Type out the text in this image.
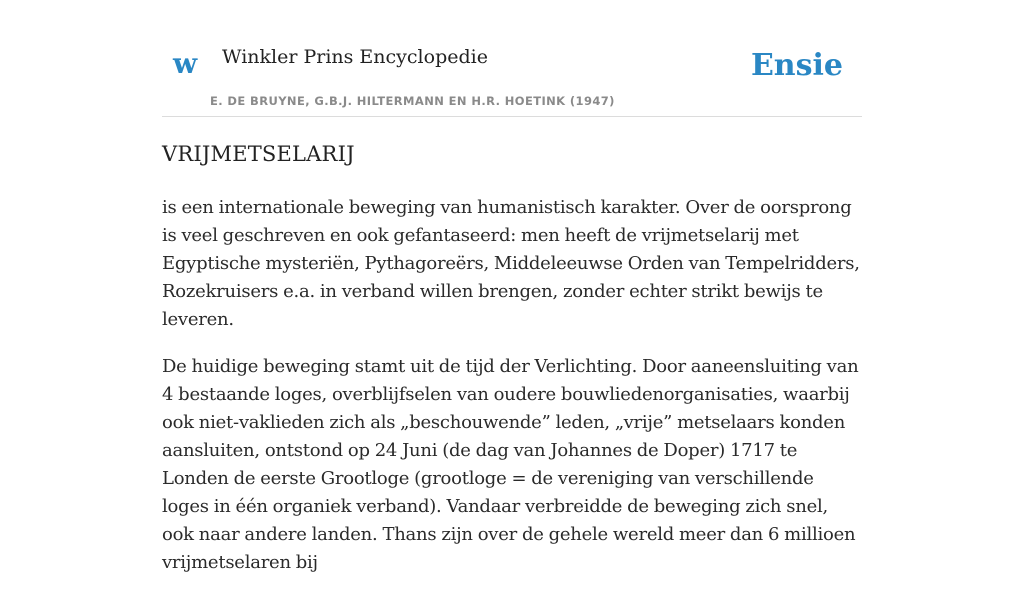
w Winkler Prins Encyclopedie
E. DE BRUYNE, G.B.J. HILTERMANN EN H.R. HOETINK (1947)
Ensie
VRIJMETSELARIJ

is een internationale beweging van humanistisch karakter. Over de oorsprong is veel geschreven en ook gefantaseerd: men heeft de vrijmetselarij met Egyptische mysteriën, Pythagoreërs, Middeleeuwse Orden van Tempelridders, Rozekruisers e.a. in verband willen brengen, zonder echter strikt bewijs te leveren.

De huidige beweging stamt uit de tijd der Verlichting. Door aaneensluiting van 4 bestaande loges, overblijfselen van oudere bouwliedenorganisaties, waarbij ook niet-vaklieden zich als „beschouwende” leden, „vrije” metselaars konden aansluiten, ontstond op 24 Juni (de dag van Johannes de Doper) 1717 te Londen de eerste Grootloge (grootloge = de vereniging van verschillende loges in één organiek verband). Vandaar verbreidde de beweging zich snel, ook naar andere landen. Thans zijn over de gehele wereld meer dan 6 millioen vrijmetselaren bij
